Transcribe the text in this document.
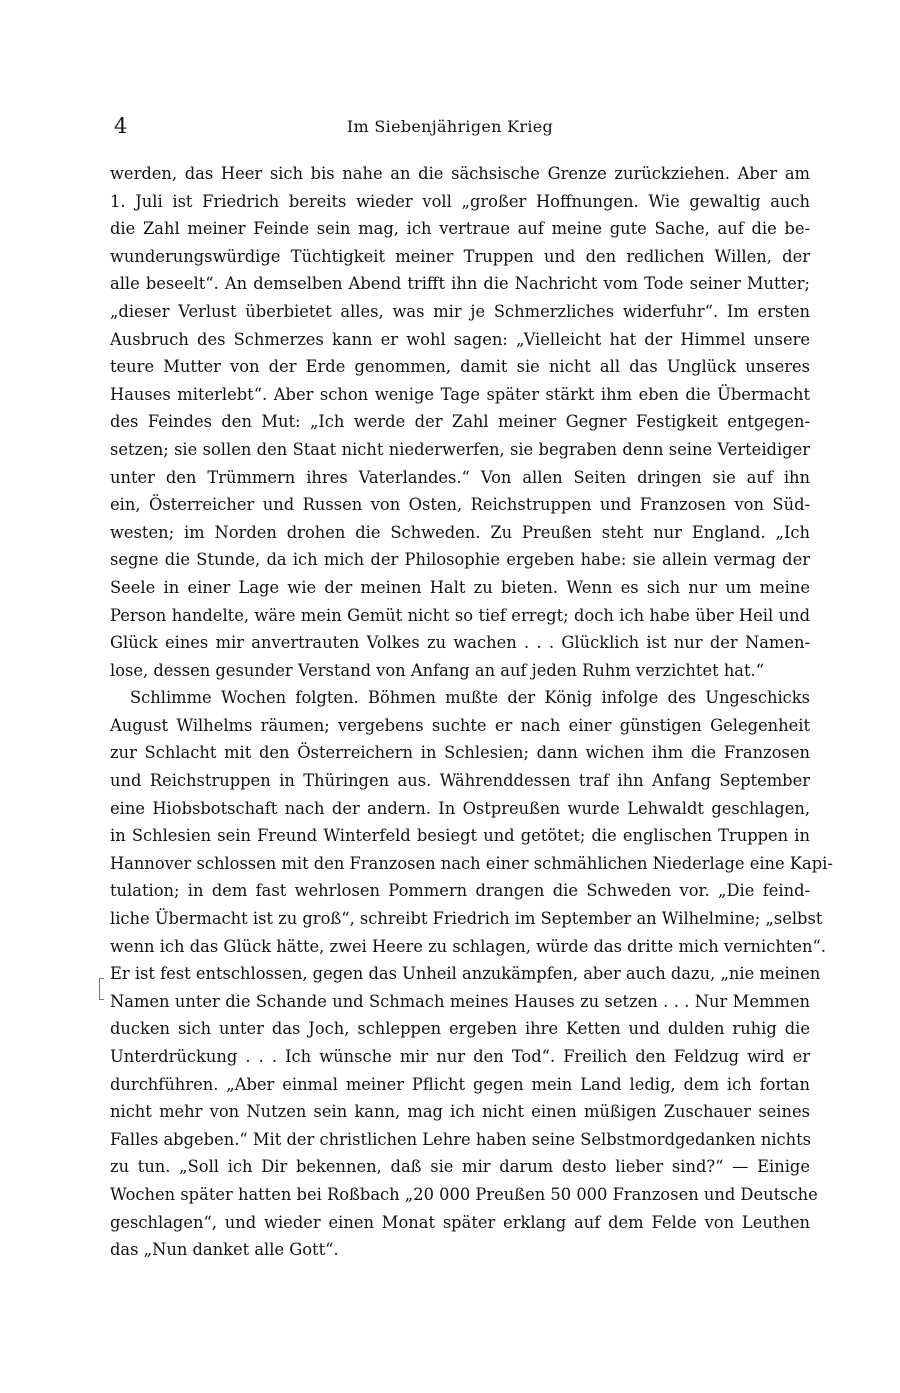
4	Im Siebenjährigen Krieg
werden, das Heer sich bis nahe an die sächsische Grenze zurückziehen. Aber am
1. Juli ist Friedrich bereits wieder voll „großer Hoffnungen. Wie gewaltig auch
die Zahl meiner Feinde sein mag, ich vertraue auf meine gute Sache, auf die be-
wunderungswürdige Tüchtigkeit meiner Truppen und den redlichen Willen, der
alle beseelt“. An demselben Abend trifft ihn die Nachricht vom Tode seiner Mutter;
„dieser Verlust überbietet alles, was mir je Schmerzliches widerfuhr“. Im ersten
Ausbruch des Schmerzes kann er wohl sagen: „Vielleicht hat der Himmel unsere
teure Mutter von der Erde genommen, damit sie nicht all das Unglück unseres
Hauses miterlebt“. Aber schon wenige Tage später stärkt ihm eben die Übermacht
des Feindes den Mut: „Ich werde der Zahl meiner Gegner Festigkeit entgegen-
setzen; sie sollen den Staat nicht niederwerfen, sie begraben denn seine Verteidiger
unter den Trümmern ihres Vaterlandes.“ Von allen Seiten dringen sie auf ihn
ein, Österreicher und Russen von Osten, Reichstruppen und Franzosen von Süd-
westen; im Norden drohen die Schweden. Zu Preußen steht nur England. „Ich
segne die Stunde, da ich mich der Philosophie ergeben habe: sie allein vermag der
Seele in einer Lage wie der meinen Halt zu bieten. Wenn es sich nur um meine
Person handelte, wäre mein Gemüt nicht so tief erregt; doch ich habe über Heil und
Glück eines mir anvertrauten Volkes zu wachen . . . Glücklich ist nur der Namen-
lose, dessen gesunder Verstand von Anfang an auf jeden Ruhm verzichtet hat.“
Schlimme Wochen folgten. Böhmen mußte der König infolge des Ungeschicks
August Wilhelms räumen; vergebens suchte er nach einer günstigen Gelegenheit
zur Schlacht mit den Österreichern in Schlesien; dann wichen ihm die Franzosen
und Reichstruppen in Thüringen aus. Währenddessen traf ihn Anfang September
eine Hiobsbotschaft nach der andern. In Ostpreußen wurde Lehwaldt geschlagen,
in Schlesien sein Freund Winterfeld besiegt und getötet; die englischen Truppen in
Hannover schlossen mit den Franzosen nach einer schmählichen Niederlage eine Kapi-
tulation; in dem fast wehrlosen Pommern drangen die Schweden vor. „Die feind-
liche Übermacht ist zu groß“, schreibt Friedrich im September an Wilhelmine; „selbst
wenn ich das Glück hätte, zwei Heere zu schlagen, würde das dritte mich vernichten“.
Er ist fest entschlossen, gegen das Unheil anzukämpfen, aber auch dazu, „nie meinen
Namen unter die Schande und Schmach meines Hauses zu setzen . . . Nur Memmen
ducken sich unter das Joch, schleppen ergeben ihre Ketten und dulden ruhig die
Unterdrückung . . . Ich wünsche mir nur den Tod“. Freilich den Feldzug wird er
durchführen. „Aber einmal meiner Pflicht gegen mein Land ledig, dem ich fortan
nicht mehr von Nutzen sein kann, mag ich nicht einen müßigen Zuschauer seines
Falles abgeben.“ Mit der christlichen Lehre haben seine Selbstmordgedanken nichts
zu tun. „Soll ich Dir bekennen, daß sie mir darum desto lieber sind?“ — Einige
Wochen später hatten bei Roßbach „20 000 Preußen 50 000 Franzosen und Deutsche
geschlagen“, und wieder einen Monat später erklang auf dem Felde von Leuthen
das „Nun danket alle Gott“.
